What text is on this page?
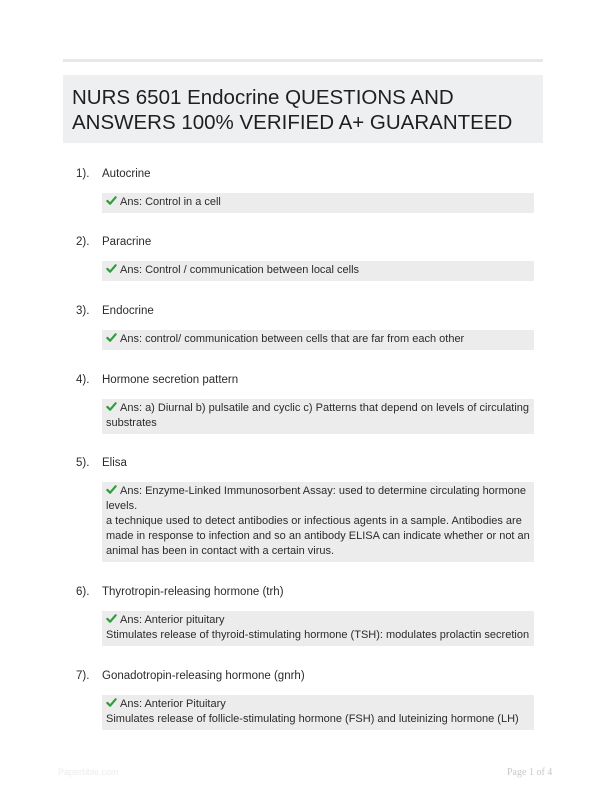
NURS 6501 Endocrine QUESTIONS AND ANSWERS 100% VERIFIED A+ GUARANTEED
1). Autocrine

Ans: Control in a cell

2). Paracrine

Ans: Control / communication between local cells

3). Endocrine

Ans: control/ communication between cells that are far from each other

4). Hormone secretion pattern

Ans: a) Diurnal b) pulsatile and cyclic c) Patterns that depend on levels of circulating substrates

5). Elisa

Ans: Enzyme-Linked Immunosorbent Assay: used to determine circulating hormone levels.

a technique used to detect antibodies or infectious agents in a sample. Antibodies are made in response to infection and so an antibody ELISA can indicate whether or not an animal has been in contact with a certain virus.

6). Thyrotropin-releasing hormone (trh)

Ans: Anterior pituitary

Stimulates release of thyroid-stimulating hormone (TSH): modulates prolactin secretion

7). Gonadotropin-releasing hormone (gnrh)

Ans: Anterior Pituitary

Simulates release of follicle-stimulating hormone (FSH) and luteinizing hormone (LH)

Paperbble.com	Page 1 of 4
